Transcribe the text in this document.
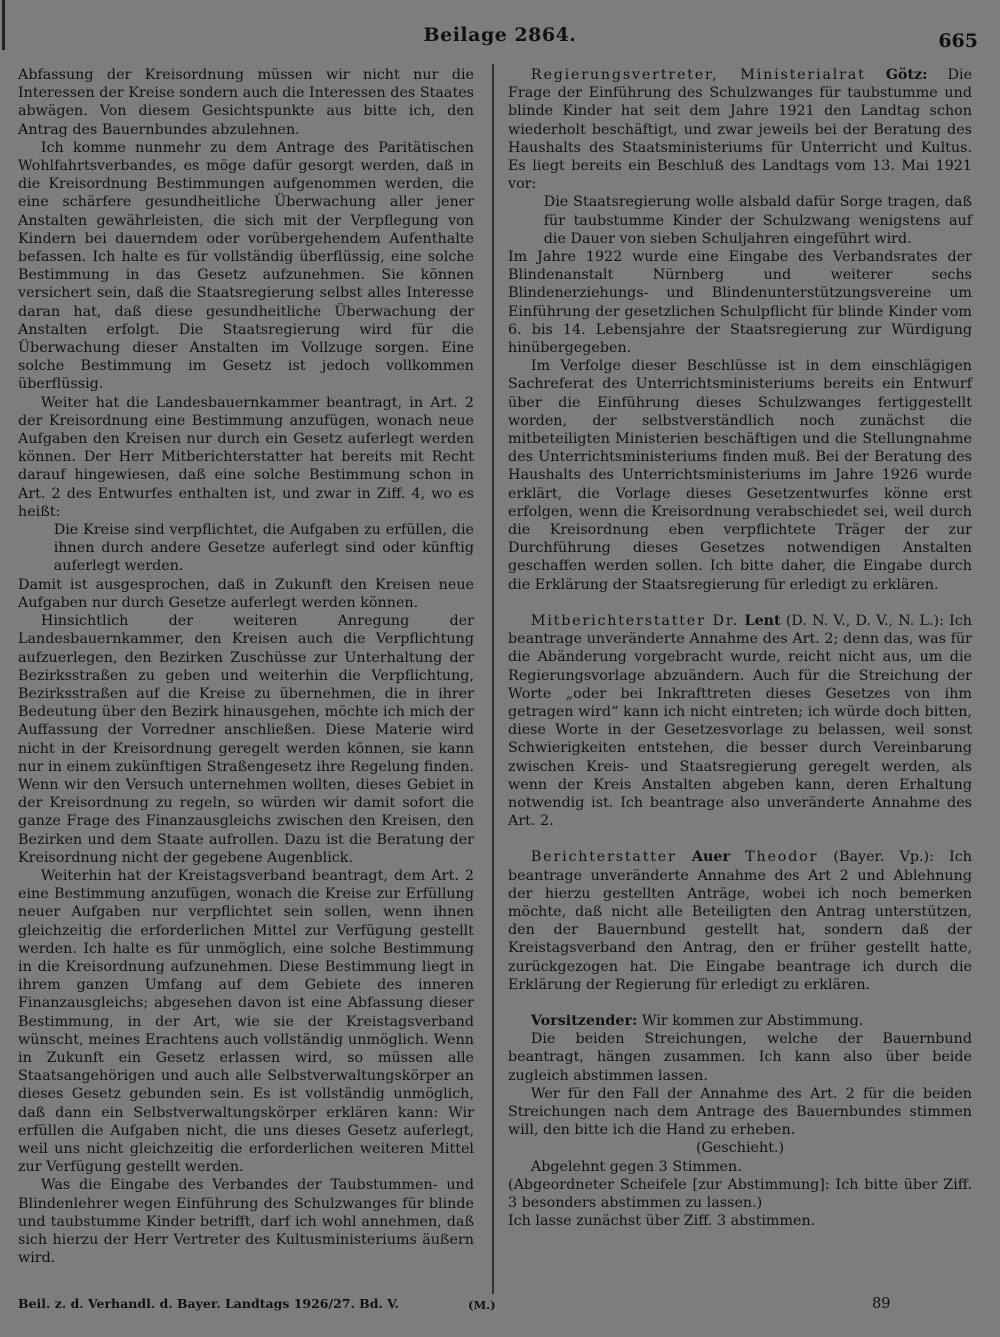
Beilage 2864.	665

Abfassung der Kreisordnung müssen wir nicht nur die Interessen der Kreise sondern auch die Interessen des Staates abwägen. Von diesem Gesichtspunkte aus bitte ich, den Antrag des Bauernbundes abzulehnen.

Ich komme nunmehr zu dem Antrage des Paritätischen Wohlfahrtsverbandes, es möge dafür gesorgt werden, daß in die Kreisordnung Bestimmungen aufgenommen werden, die eine schärfere gesundheitliche Überwachung aller jener Anstalten gewährleisten, die sich mit der Verpflegung von Kindern bei dauerndem oder vorübergehendem Aufenthalte befassen. Ich halte es für vollständig überflüssig, eine solche Bestimmung in das Gesetz aufzunehmen. Sie können versichert sein, daß die Staatsregierung selbst alles Interesse daran hat, daß diese gesundheitliche Überwachung der Anstalten erfolgt. Die Staatsregierung wird für die Überwachung dieser Anstalten im Vollzuge sorgen. Eine solche Bestimmung im Gesetz ist jedoch vollkommen überflüssig.

Weiter hat die Landesbauernkammer beantragt, in Art. 2 der Kreisordnung eine Bestimmung anzufügen, wonach neue Aufgaben den Kreisen nur durch ein Gesetz auferlegt werden können. Der Herr Mitberichterstatter hat bereits mit Recht darauf hingewiesen, daß eine solche Bestimmung schon in Art. 2 des Entwurfes enthalten ist, und zwar in Ziff. 4, wo es heißt:

Die Kreise sind verpflichtet, die Aufgaben zu erfüllen, die ihnen durch andere Gesetze auferlegt sind oder künftig auferlegt werden.

Damit ist ausgesprochen, daß in Zukunft den Kreisen neue Aufgaben nur durch Gesetze auferlegt werden können.

Hinsichtlich der weiteren Anregung der Landesbauernkammer, den Kreisen auch die Verpflichtung aufzuerlegen, den Bezirken Zuschüsse zur Unterhaltung der Bezirksstraßen zu geben und weiterhin die Verpflichtung, Bezirksstraßen auf die Kreise zu übernehmen, die in ihrer Bedeutung über den Bezirk hinausgehen, möchte ich mich der Auffassung der Vorredner anschließen. Diese Materie wird nicht in der Kreisordnung geregelt werden können, sie kann nur in einem zukünftigen Straßengesetz ihre Regelung finden. Wenn wir den Versuch unternehmen wollten, dieses Gebiet in der Kreisordnung zu regeln, so würden wir damit sofort die ganze Frage des Finanzausgleichs zwischen den Kreisen, den Bezirken und dem Staate aufrollen. Dazu ist die Beratung der Kreisordnung nicht der gegebene Augenblick.

Weiterhin hat der Kreistagsverband beantragt, dem Art. 2 eine Bestimmung anzufügen, wonach die Kreise zur Erfüllung neuer Aufgaben nur verpflichtet sein sollen, wenn ihnen gleichzeitig die erforderlichen Mittel zur Verfügung gestellt werden. Ich halte es für unmöglich, eine solche Bestimmung in die Kreisordnung aufzunehmen. Diese Bestimmung liegt in ihrem ganzen Umfang auf dem Gebiete des inneren Finanzausgleichs; abgesehen davon ist eine Abfassung dieser Bestimmung, in der Art, wie sie der Kreistagsverband wünscht, meines Erachtens auch vollständig unmöglich. Wenn in Zukunft ein Gesetz erlassen wird, so müssen alle Staatsangehörigen und auch alle Selbstverwaltungskörper an dieses Gesetz gebunden sein. Es ist vollständig unmöglich, daß dann ein Selbstverwaltungskörper erklären kann: Wir erfüllen die Aufgaben nicht, die uns dieses Gesetz auferlegt, weil uns nicht gleichzeitig die erforderlichen weiteren Mittel zur Verfügung gestellt werden.

Was die Eingabe des Verbandes der Taubstummen- und Blindenlehrer wegen Einführung des Schulzwanges für blinde und taubstumme Kinder betrifft, darf ich wohl annehmen, daß sich hierzu der Herr Vertreter des Kultusministeriums äußern wird.

Regierungsvertreter, Ministerialrat Götz: Die Frage der Einführung des Schulzwanges für taubstumme und blinde Kinder hat seit dem Jahre 1921 den Landtag schon wiederholt beschäftigt, und zwar jeweils bei der Beratung des Haushalts des Staatsministeriums für Unterricht und Kultus. Es liegt bereits ein Beschluß des Landtags vom 13. Mai 1921 vor:

Die Staatsregierung wolle alsbald dafür Sorge tragen, daß für taubstumme Kinder der Schulzwang wenigstens auf die Dauer von sieben Schuljahren eingeführt wird.

Im Jahre 1922 wurde eine Eingabe des Verbandsrates der Blindenanstalt Nürnberg und weiterer sechs Blindenerziehungs- und Blindenunterstützungsvereine um Einführung der gesetzlichen Schulpflicht für blinde Kinder vom 6. bis 14. Lebensjahre der Staatsregierung zur Würdigung hinübergegeben.

Im Verfolge dieser Beschlüsse ist in dem einschlägigen Sachreferat des Unterrichtsministeriums bereits ein Entwurf über die Einführung dieses Schulzwanges fertiggestellt worden, der selbstverständlich noch zunächst die mitbeteiligten Ministerien beschäftigen und die Stellungnahme des Unterrichtsministeriums finden muß. Bei der Beratung des Haushalts des Unterrichtsministeriums im Jahre 1926 wurde erklärt, die Vorlage dieses Gesetzentwurfes könne erst erfolgen, wenn die Kreisordnung verabschiedet sei, weil durch die Kreisordnung eben verpflichtete Träger der zur Durchführung dieses Gesetzes notwendigen Anstalten geschaffen werden sollen. Ich bitte daher, die Eingabe durch die Erklärung der Staatsregierung für erledigt zu erklären.

Mitberichterstatter Dr. Lent (D. N. V., D. V., N. L.): Ich beantrage unveränderte Annahme des Art. 2; denn das, was für die Abänderung vorgebracht wurde, reicht nicht aus, um die Regierungsvorlage abzuändern. Auch für die Streichung der Worte „oder bei Inkrafttreten dieses Gesetzes von ihm getragen wird“ kann ich nicht eintreten; ich würde doch bitten, diese Worte in der Gesetzesvorlage zu belassen, weil sonst Schwierigkeiten entstehen, die besser durch Vereinbarung zwischen Kreis- und Staatsregierung geregelt werden, als wenn der Kreis Anstalten abgeben kann, deren Erhaltung notwendig ist. Ich beantrage also unveränderte Annahme des Art. 2.

Berichterstatter Auer Theodor (Bayer. Vp.): Ich beantrage unveränderte Annahme des Art 2 und Ablehnung der hierzu gestellten Anträge, wobei ich noch bemerken möchte, daß nicht alle Beteiligten den Antrag unterstützen, den der Bauernbund gestellt hat, sondern daß der Kreistagsverband den Antrag, den er früher gestellt hatte, zurückgezogen hat. Die Eingabe beantrage ich durch die Erklärung der Regierung für erledigt zu erklären.

Vorsitzender: Wir kommen zur Abstimmung.

Die beiden Streichungen, welche der Bauernbund beantragt, hängen zusammen. Ich kann also über beide zugleich abstimmen lassen.

Wer für den Fall der Annahme des Art. 2 für die beiden Streichungen nach dem Antrage des Bauernbundes stimmen will, den bitte ich die Hand zu erheben.

(Geschieht.)

Abgelehnt gegen 3 Stimmen.

(Abgeordneter Scheifele [zur Abstimmung]: Ich bitte über Ziff. 3 besonders abstimmen zu lassen.)

Ich lasse zunächst über Ziff. 3 abstimmen.

Beil. z. d. Verhandl. d. Bayer. Landtags 1926/27. Bd. V.	(M.)	89
